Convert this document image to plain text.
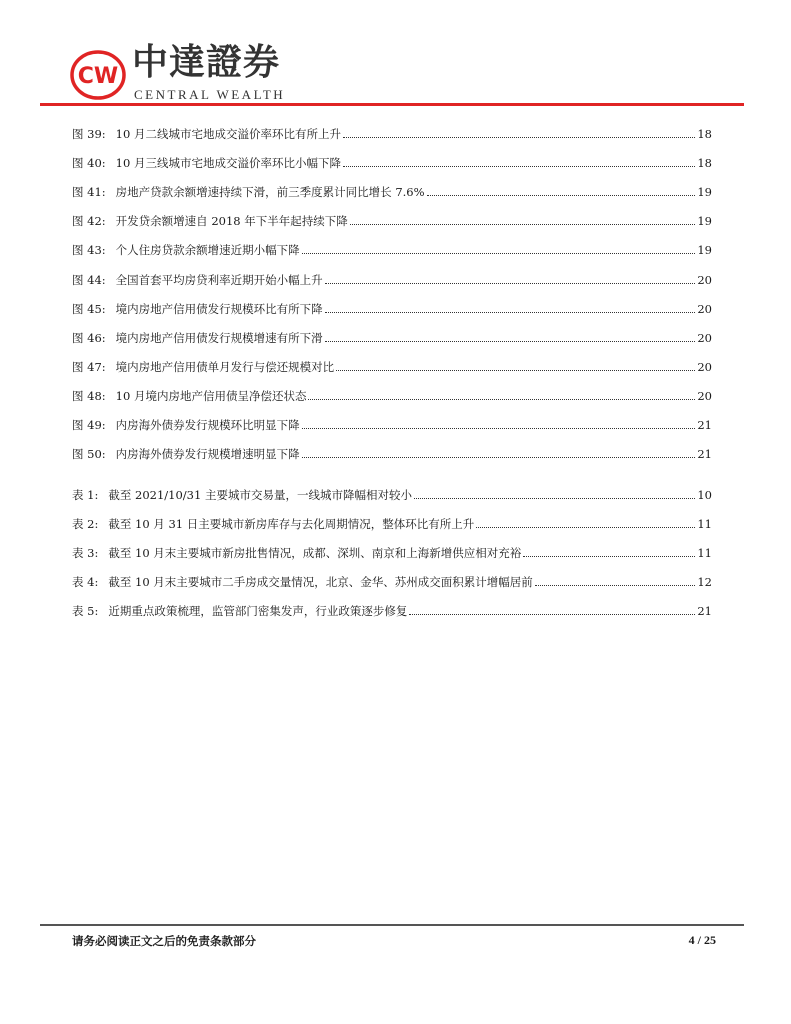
CW 中達證券
CENTRAL WEALTH
图 39: 10 月二线城市宅地成交溢价率环比有所上升	18
图 40: 10 月三线城市宅地成交溢价率环比小幅下降	18
图 41: 房地产贷款余额增速持续下滑，前三季度累计同比增长 7.6%	19
图 42: 开发贷余额增速自 2018 年下半年起持续下降	19
图 43: 个人住房贷款余额增速近期小幅下降	19
图 44: 全国首套平均房贷利率近期开始小幅上升	20
图 45: 境内房地产信用债发行规模环比有所下降	20
图 46: 境内房地产信用债发行规模增速有所下滑	20
图 47: 境内房地产信用债单月发行与偿还规模对比	20
图 48: 10 月境内房地产信用债呈净偿还状态	20
图 49: 内房海外债券发行规模环比明显下降	21
图 50: 内房海外债券发行规模增速明显下降	21
表 1: 截至 2021/10/31 主要城市交易量，一线城市降幅相对较小	10
表 2: 截至 10 月 31 日主要城市新房库存与去化周期情况，整体环比有所上升	11
表 3: 截至 10 月末主要城市新房批售情况，成都、深圳、南京和上海新增供应相对充裕	11
表 4: 截至 10 月末主要城市二手房成交量情况，北京、金华、苏州成交面积累计增幅居前	12
表 5: 近期重点政策梳理，监管部门密集发声，行业政策逐步修复	21
请务必阅读正文之后的免责条款部分	4 / 25
